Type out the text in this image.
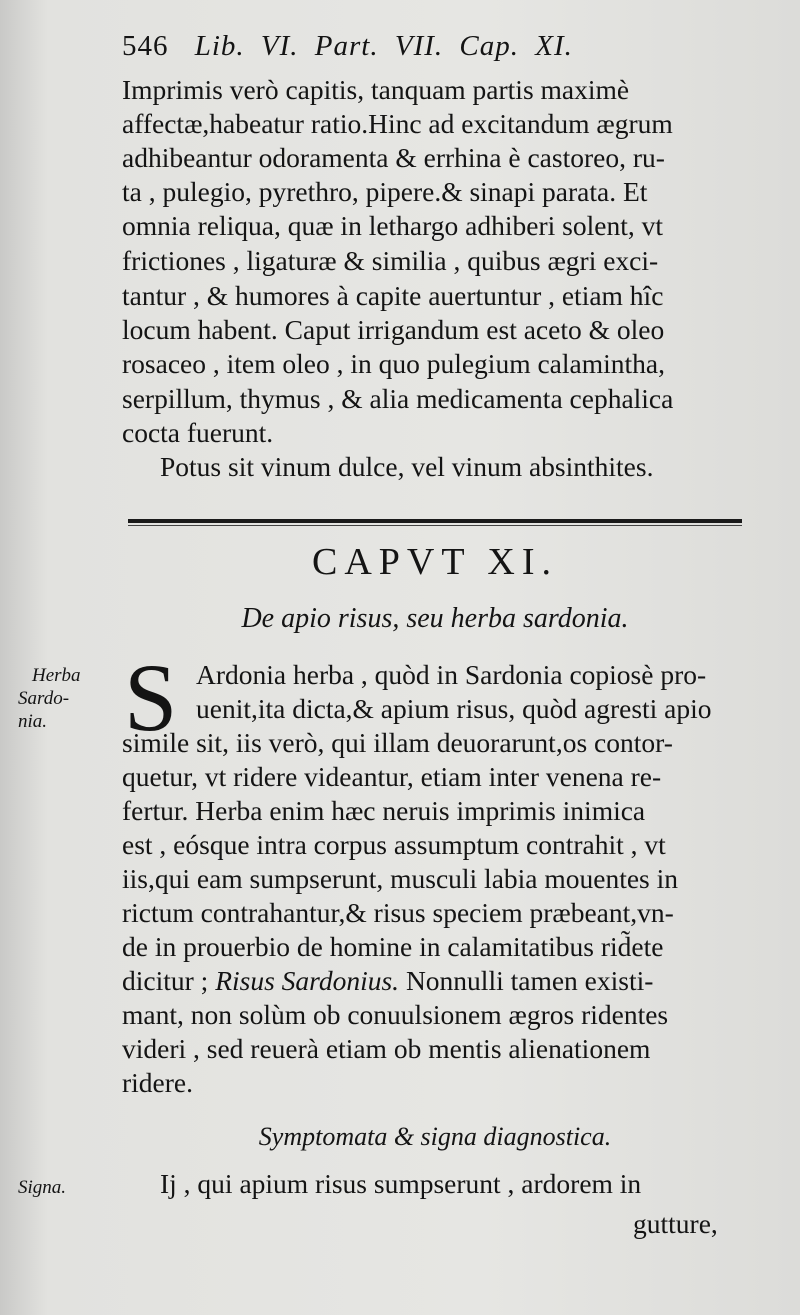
546 Lib. VI. Part. VII. Cap. XI.
Imprimis verò capitis, tanquam partis maximè
affectæ,habeatur ratio.Hinc ad excitandum ægrum
adhibeantur odoramenta & errhina è castoreo, ru-
ta , pulegio, pyrethro, pipere.& sinapi parata. Et
omnia reliqua, quæ in lethargo adhiberi solent, vt
frictiones , ligaturæ & similia , quibus ægri exci-
tantur , & humores à capite auertuntur , etiam hîc
locum habent. Caput irrigandum est aceto & oleo
rosaceo , item oleo , in quo pulegium calamintha,
serpillum, thymus , & alia medicamenta cephalica
cocta fuerunt.
Potus sit vinum dulce, vel vinum absinthites.
CAPVT XI.
De apio risus, seu herba sardonia.
Herba
Sardo-
nia. S Ardonia herba , quòd in Sardonia copiosè pro-
uenit,ita dicta,& apium risus, quòd agresti apio
simile sit, iis verò, qui illam deuorarunt,os contor-
quetur, vt ridere videantur, etiam inter venena re-
fertur. Herba enim hæc neruis imprimis inimica
est , eósque intra corpus assumptum contrahit , vt
iis,qui eam sumpserunt, musculi labia mouentes in
rictum contrahantur,& risus speciem præbeant,vn-
de in prouerbio de homine in calamitatibus rid̃ete
dicitur ; Risus Sardonius. Nonnulli tamen existi-
mant, non solùm ob conuulsionem ægros ridentes
videri , sed reuerà etiam ob mentis alienationem
ridere.
Symptomata & signa diagnostica.
Signa.	Ij , qui apium risus sumpserunt , ardorem in
gutture,
